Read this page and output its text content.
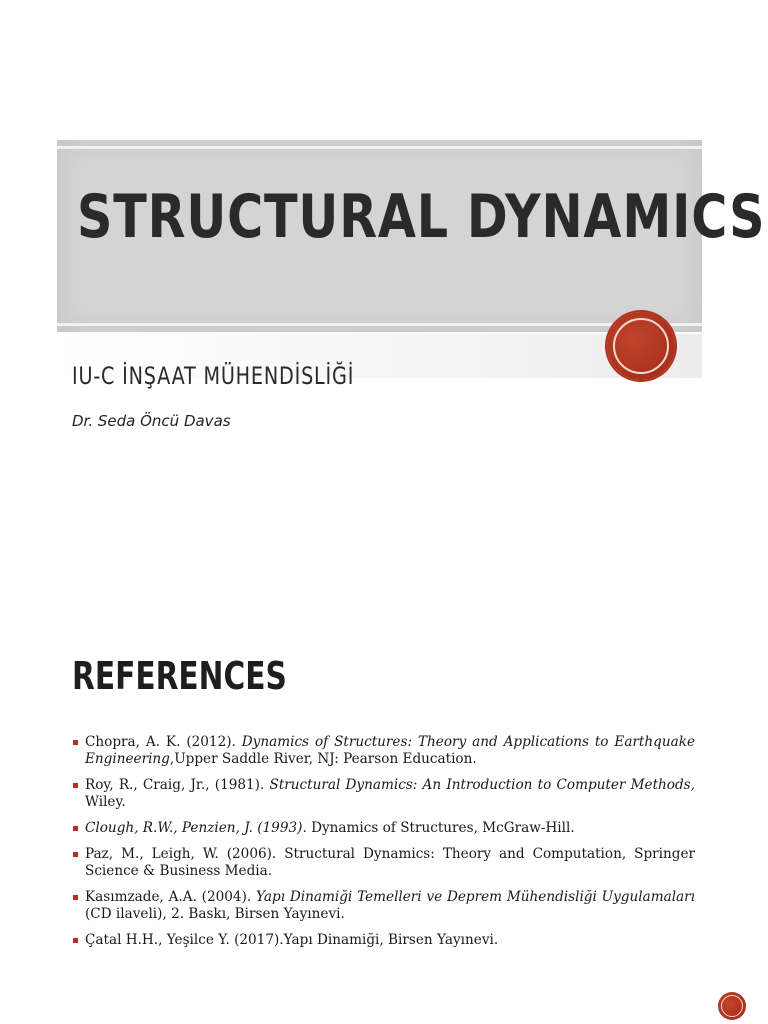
STRUCTURAL DYNAMICS
IU-C İNŞAAT MÜHENDİSLİĞİ
Dr. Seda Öncü Davas
REFERENCES
Chopra, A. K. (2012). Dynamics of Structures: Theory and Applications to Earthquake Engineering,Upper Saddle River, NJ: Pearson Education.
Roy, R., Craig, Jr., (1981). Structural Dynamics: An Introduction to Computer Methods, Wiley.
Clough, R.W., Penzien, J. (1993). Dynamics of Structures, McGraw-Hill.
Paz, M., Leigh, W. (2006). Structural Dynamics: Theory and Computation, Springer Science & Business Media.
Kasımzade, A.A. (2004). Yapı Dinamiği Temelleri ve Deprem Mühendisliği Uygulamaları (CD ilaveli), 2. Baskı, Birsen Yayınevi.
Çatal H.H., Yeşilce Y. (2017).Yapı Dinamiği, Birsen Yayınevi.
